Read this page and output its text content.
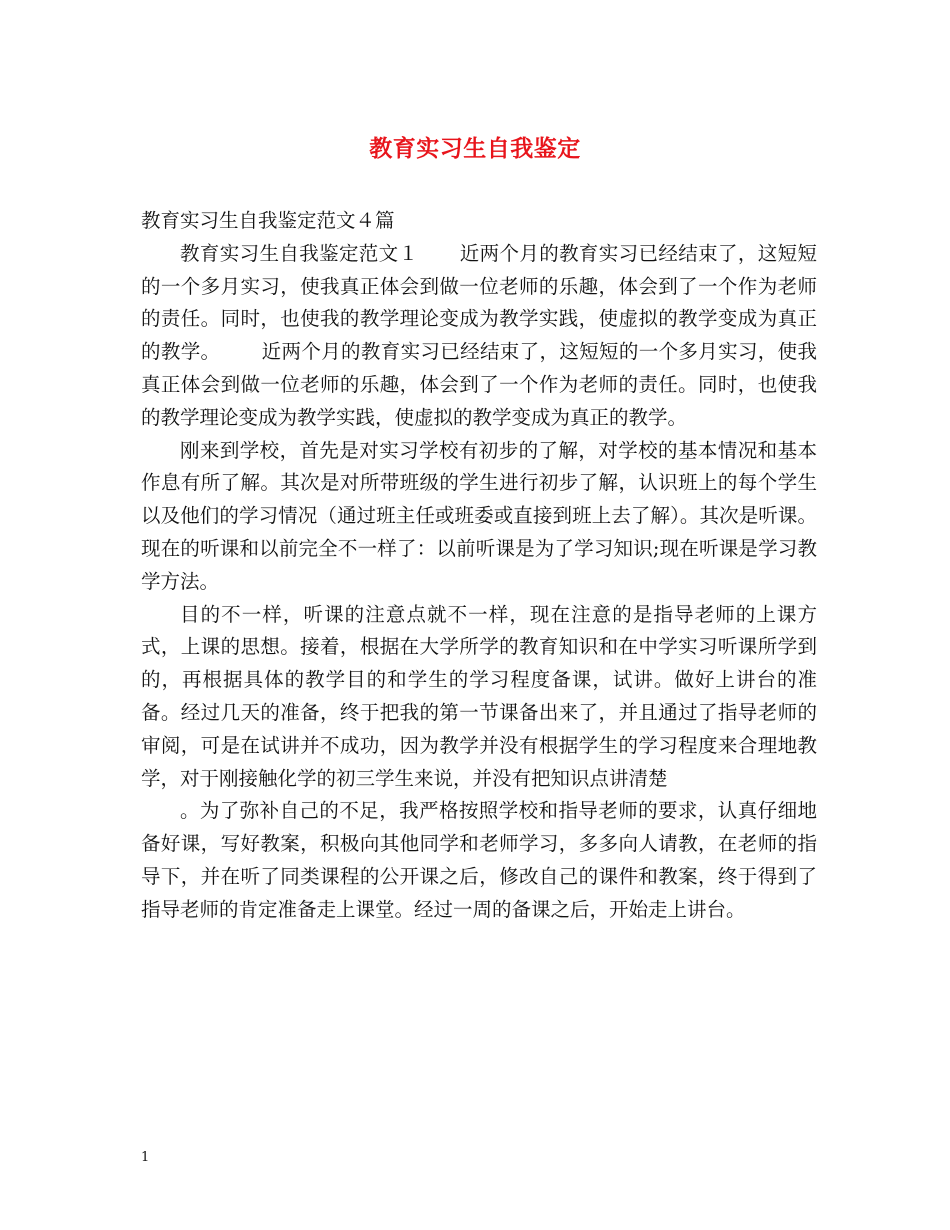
教育实习生自我鉴定

教育实习生自我鉴定范文４篇

教育实习生自我鉴定范文１ 近两个月的教育实习已经结束了，这短短的一个多月实习，使我真正体会到做一位老师的乐趣，体会到了一个作为老师的责任。同时，也使我的教学理论变成为教学实践，使虚拟的教学变成为真正的教学。 近两个月的教育实习已经结束了，这短短的一个多月实习，使我真正体会到做一位老师的乐趣，体会到了一个作为老师的责任。同时，也使我的教学理论变成为教学实践，使虚拟的教学变成为真正的教学。

刚来到学校，首先是对实习学校有初步的了解，对学校的基本情况和基本作息有所了解。其次是对所带班级的学生进行初步了解，认识班上的每个学生以及他们的学习情况（通过班主任或班委或直接到班上去了解）。其次是听课。现在的听课和以前完全不一样了：以前听课是为了学习知识;现在听课是学习教学方法。

目的不一样，听课的注意点就不一样，现在注意的是指导老师的上课方式，上课的思想。接着，根据在大学所学的教育知识和在中学实习听课所学到的，再根据具体的教学目的和学生的学习程度备课，试讲。做好上讲台的准备。经过几天的准备，终于把我的第一节课备出来了，并且通过了指导老师的审阅，可是在试讲并不成功，因为教学并没有根据学生的学习程度来合理地教学，对于刚接触化学的初三学生来说，并没有把知识点讲清楚

。为了弥补自己的不足，我严格按照学校和指导老师的要求，认真仔细地备好课，写好教案，积极向其他同学和老师学习，多多向人请教，在老师的指导下，并在听了同类课程的公开课之后，修改自己的课件和教案，终于得到了指导老师的肯定准备走上课堂。经过一周的备课之后，开始走上讲台。

1
